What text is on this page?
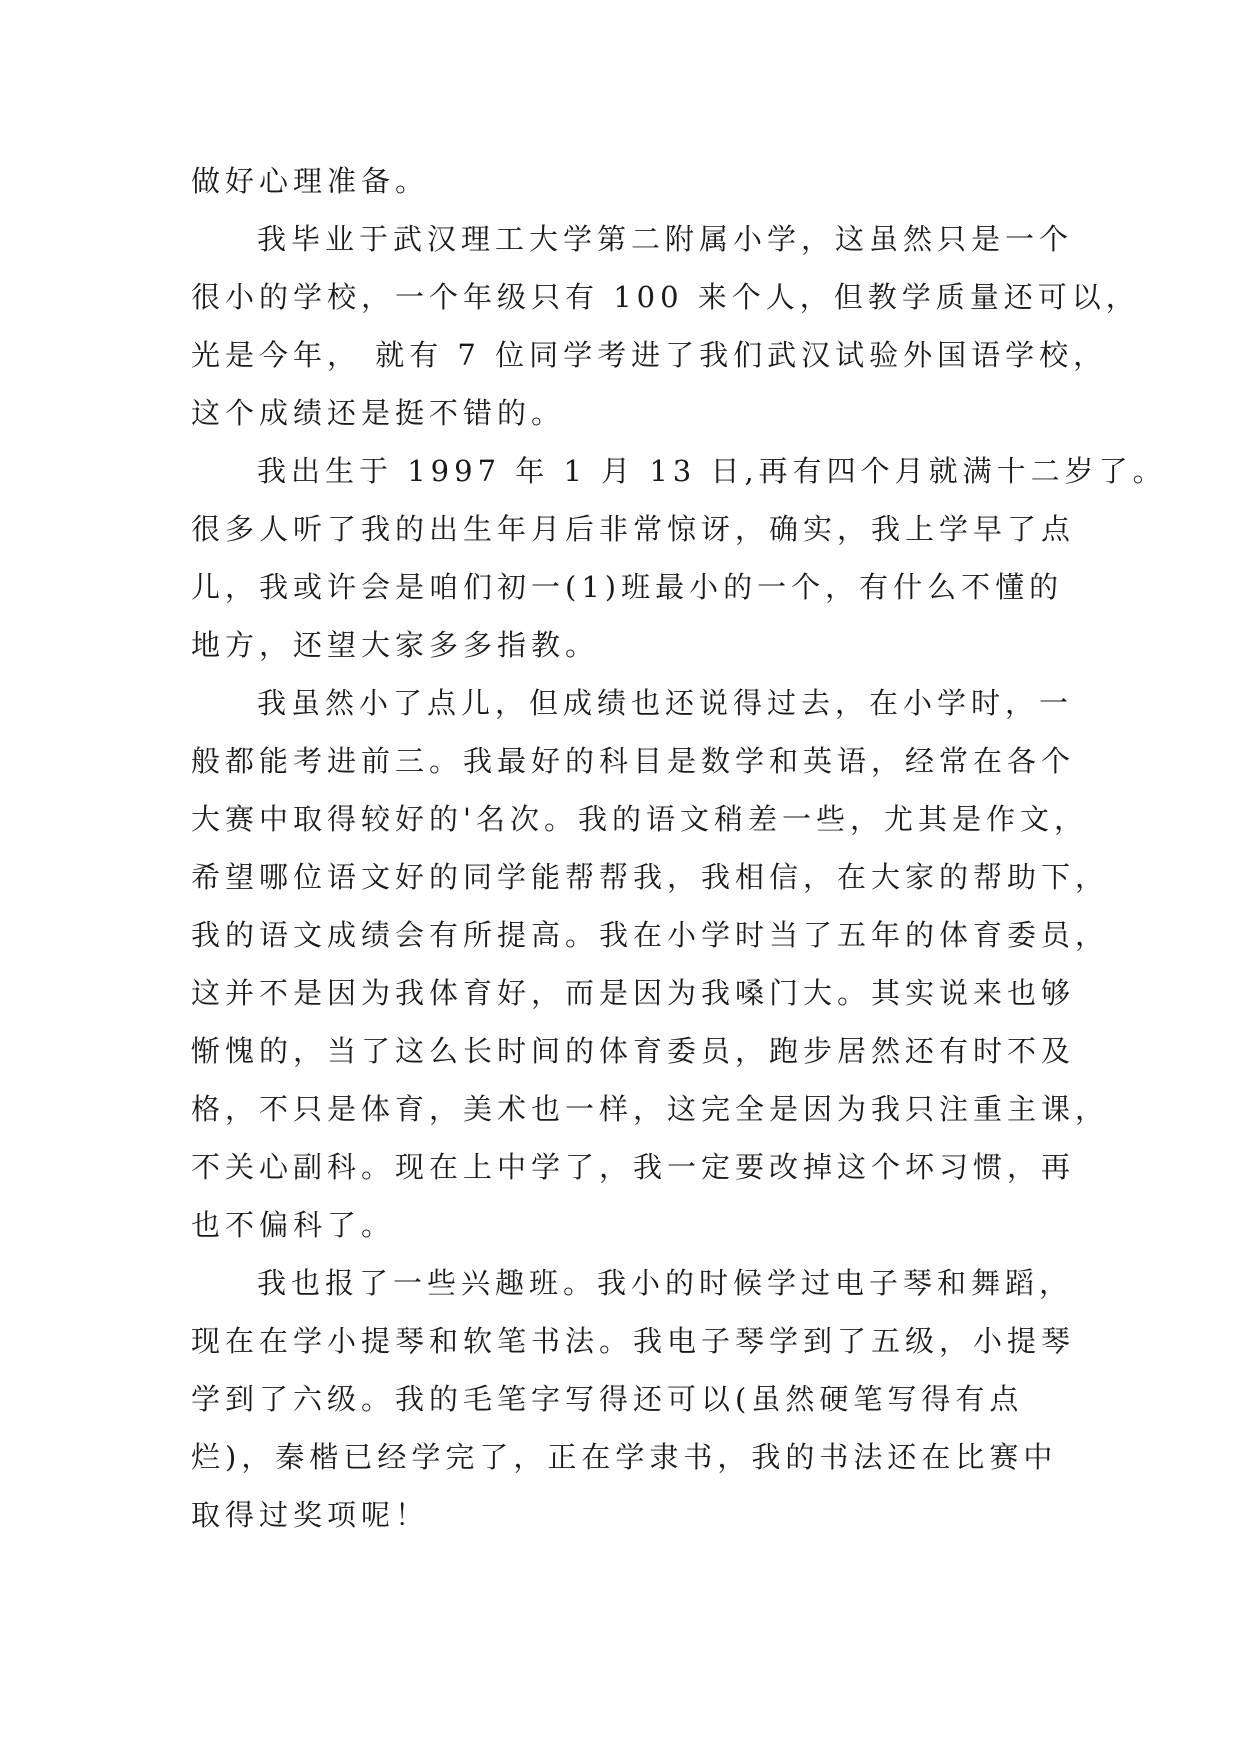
做好心理准备。
我毕业于武汉理工大学第二附属小学，这虽然只是一个
很小的学校，一个年级只有 100 来个人，但教学质量还可以，
光是今年， 就有 7 位同学考进了我们武汉试验外国语学校，
这个成绩还是挺不错的。
我出生于 1997 年 1 月 13 日,再有四个月就满十二岁了。
很多人听了我的出生年月后非常惊讶，确实，我上学早了点
儿，我或许会是咱们初一(1)班最小的一个，有什么不懂的
地方，还望大家多多指教。
我虽然小了点儿，但成绩也还说得过去，在小学时，一
般都能考进前三。我最好的科目是数学和英语，经常在各个
大赛中取得较好的'名次。我的语文稍差一些，尤其是作文，
希望哪位语文好的同学能帮帮我，我相信，在大家的帮助下，
我的语文成绩会有所提高。我在小学时当了五年的体育委员，
这并不是因为我体育好，而是因为我嗓门大。其实说来也够
惭愧的，当了这么长时间的体育委员，跑步居然还有时不及
格，不只是体育，美术也一样，这完全是因为我只注重主课，
不关心副科。现在上中学了，我一定要改掉这个坏习惯，再
也不偏科了。
我也报了一些兴趣班。我小的时候学过电子琴和舞蹈，
现在在学小提琴和软笔书法。我电子琴学到了五级，小提琴
学到了六级。我的毛笔字写得还可以(虽然硬笔写得有点
烂)，秦楷已经学完了，正在学隶书，我的书法还在比赛中
取得过奖项呢！
